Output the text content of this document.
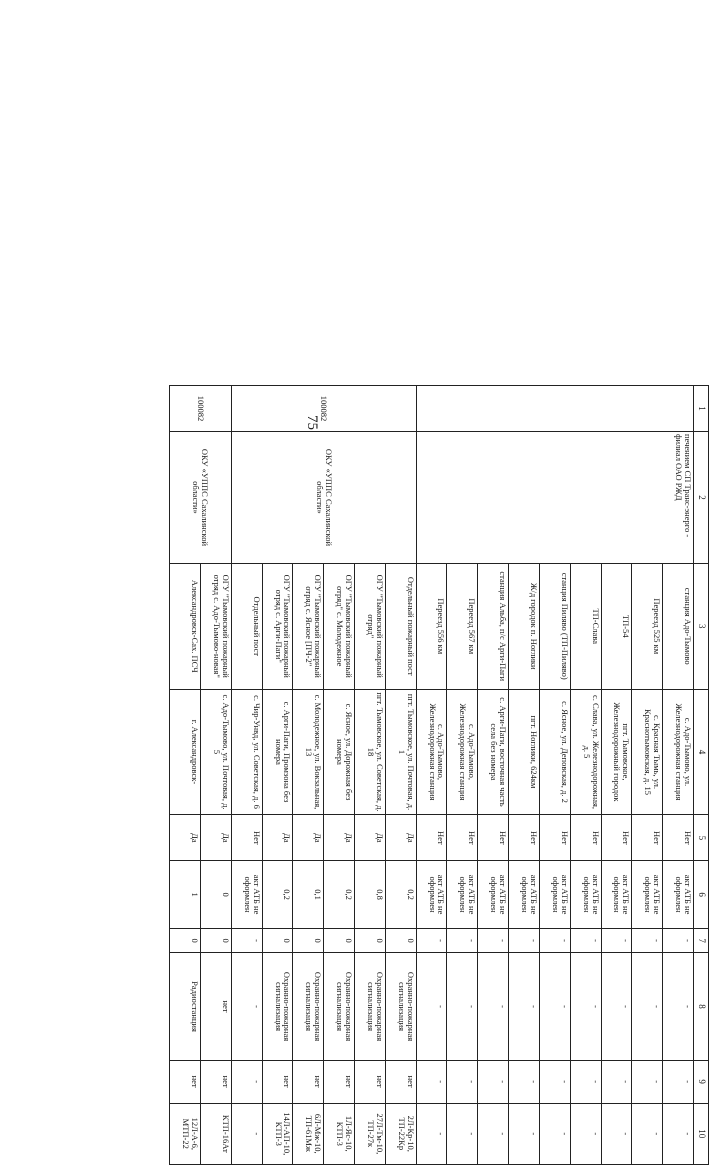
75
1	2	3	4	5	6	7	8	9	10
	печением СП Транс-энерго - филиал ОАО РЖД	станция Адо-Тымово	с. Адо-Тымово, ул. Железнодорожная станция	Нет	акт АТБ не оформлен	-	-	-	-
		Переезд 525 км	с. Красная Тымь, ул. Краснотымовская, д. 15	Нет	акт АТБ не оформлен	-	-	-	-
		ТП-54	пгт. Тымовское, Железнодорожный городок	Нет	акт АТБ не оформлен	-	-	-	-
		ТП-Слава	с. Слава, ул. Железнодорожная, д. 5	Нет	акт АТБ не оформлен	-	-	-	-
		станция Пиляво (ТП-Пиляво)	с. Ясное, ул. Деповская, д. 2	Нет	акт АТБ не оформлен	-	-	-	-
		Ж/д городок п. Ноглики	пгт. Ноглики, 624км	Нет	акт АТБ не оформлен	-	-	-	-
		станция Альба, п/с Арги-Паги	с. Арги-Паги, восточная часть села без номера	Нет	акт АТБ не оформлен	-	-	-	-
		Переезд 567 км	с. Адо-Тымово, Железнодорожная станция	Нет	акт АТБ не оформлен	-	-	-	-
		Переезд 556 км	с. Адо-Тымово, Железнодорожная станция	Нет	акт АТБ не оформлен	-	-	-	-
100082	ОКУ «УППС Сахалинской области»	Отдельный пожарный пост	пгт. Тымовское, ул. Почтовая, д. 1	Да	0,2	0	Охранно-пожарная сигнализация	нет	2Л-Кр-10, ТП-22Кр
		ОГУ "Тымовский пожарный отряд"	пгт. Тымовское, ул. Советская, д. 18	Да	0,8	0	Охранно-пожарная сигнализация	нет	27Л-Тм-10, ТП-27к
		ОГУ "Тымовский пожарный отряд" с. Молодежное	с. Ясное, ул. Дорожная без номера	Да	0,2	0	Охранно-пожарная сигнализация	нет	1Л-Яс-10, КТП-3
		ОГУ "Тымовский пожарный отряд с. Ясное [ПЧ-2"	с. Молодежное, ул. Вокзальная, 13	Да	0,1	0	Охранно-пожарная сигнализация	нет	6Л-Мж-10, ТП-61Мж
		ОГУ "Тымовский пожарный отряд с. Арги-Паги"	с. Арги-Паги, Промзона без номера	Да	0,2	0	Охранно-пожарная сигнализация	нет	14Л-АП-10, КТП-3
		Отдельный пост	с. Чир-Унвд, ул. Советская, д. 6	Нет	акт АТБ не оформлен	-	-	-	-
100082	ОКУ «УППС Сахалинской области»	ОГУ "Тымовский пожарный отряд с. Адо-Тымово-новая"	с. Адо-Тымово, ул. Почтовая, д. 5	Да	0	0	нет	нет	КТП-16Ат
		Александровск-Сах. ПСЧ	г. Александровск-	Да	1	0	Радиостанция	нет	12Л-А-6, МТП-22
